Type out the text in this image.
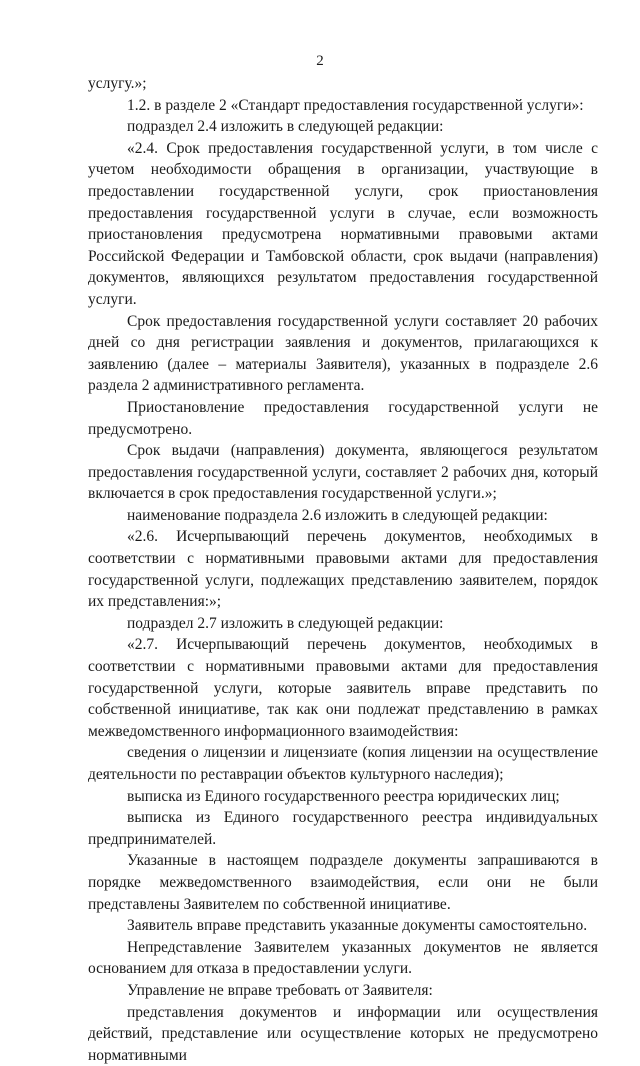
2

услугу.»;

1.2. в разделе 2 «Стандарт предоставления государственной услуги»:

подраздел 2.4 изложить в следующей редакции:

«2.4. Срок предоставления государственной услуги, в том числе с учетом необходимости обращения в организации, участвующие в предоставлении государственной услуги, срок приостановления предоставления государственной услуги в случае, если возможность приостановления предусмотрена нормативными правовыми актами Российской Федерации и Тамбовской области, срок выдачи (направления) документов, являющихся результатом предоставления государственной услуги.

Срок предоставления государственной услуги составляет 20 рабочих дней со дня регистрации заявления и документов, прилагающихся к заявлению (далее – материалы Заявителя), указанных в подразделе 2.6 раздела 2 административного регламента.

Приостановление предоставления государственной услуги не предусмотрено.

Срок выдачи (направления) документа, являющегося результатом предоставления государственной услуги, составляет 2 рабочих дня, который включается в срок предоставления государственной услуги.»;

наименование подраздела 2.6 изложить в следующей редакции:

«2.6. Исчерпывающий перечень документов, необходимых в соответствии с нормативными правовыми актами для предоставления государственной услуги, подлежащих представлению заявителем, порядок их представления:»;

подраздел 2.7 изложить в следующей редакции:

«2.7. Исчерпывающий перечень документов, необходимых в соответствии с нормативными правовыми актами для предоставления государственной услуги, которые заявитель вправе представить по собственной инициативе, так как они подлежат представлению в рамках межведомственного информационного взаимодействия:

сведения о лицензии и лицензиате (копия лицензии на осуществление деятельности по реставрации объектов культурного наследия);

выписка из Единого государственного реестра юридических лиц;

выписка из Единого государственного реестра индивидуальных предпринимателей.

Указанные в настоящем подразделе документы запрашиваются в порядке межведомственного взаимодействия, если они не были представлены Заявителем по собственной инициативе.

Заявитель вправе представить указанные документы самостоятельно.

Непредставление Заявителем указанных документов не является основанием для отказа в предоставлении услуги.

Управление не вправе требовать от Заявителя:

представления документов и информации или осуществления действий, представление или осуществление которых не предусмотрено нормативными
